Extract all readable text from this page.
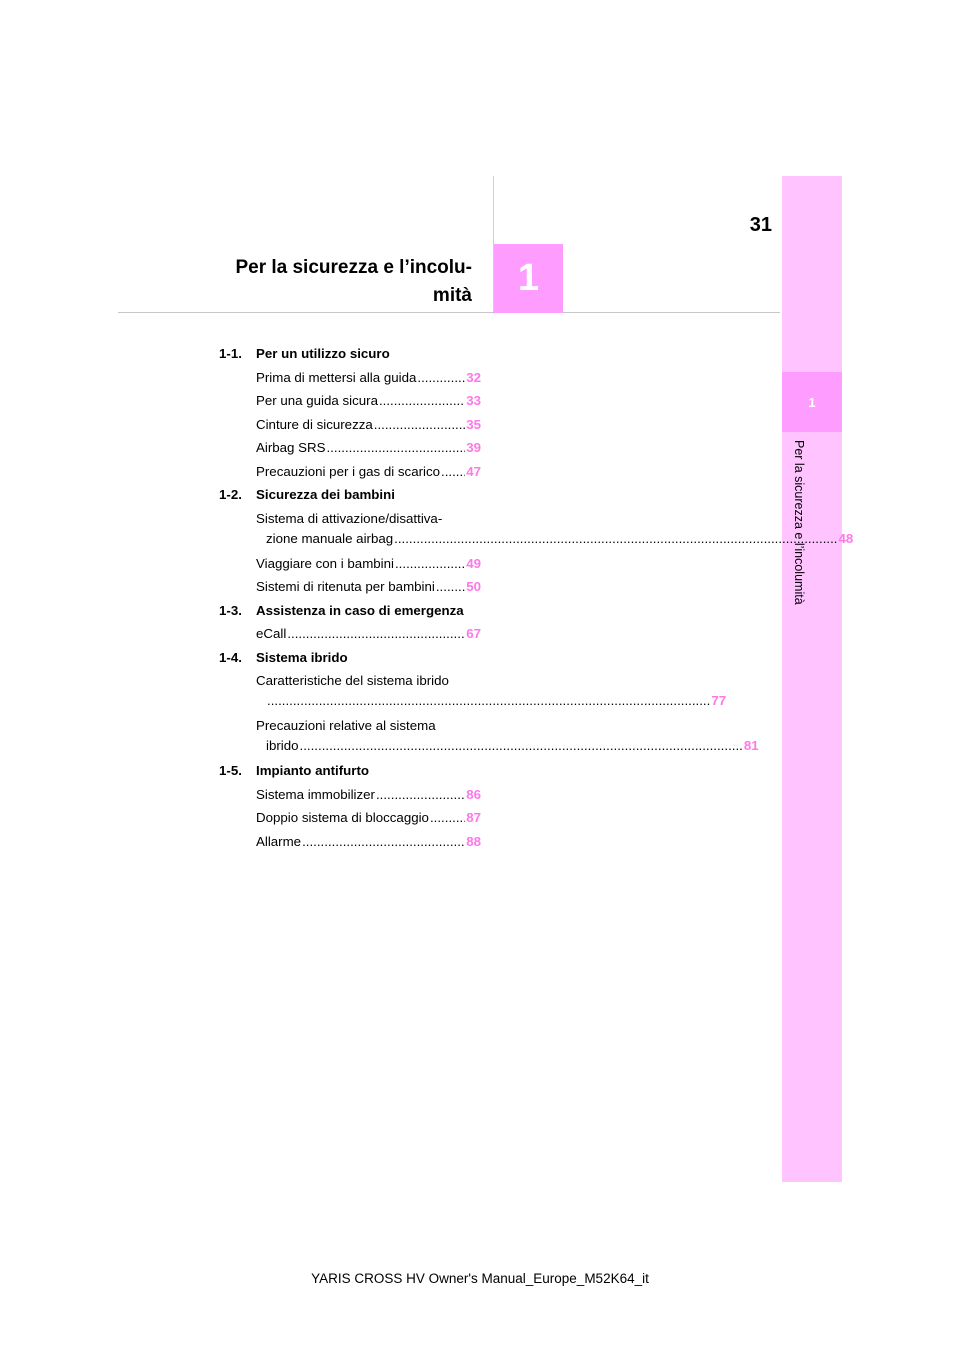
31
Per la sicurezza e l’incolu-
mità	1
1
Per la sicurezza e l’incolumità
1-1.	Per un utilizzo sicuro
Prima di mettersi alla guida .....	32
Per una guida sicura .....	33
Cinture di sicurezza .....	35
Airbag SRS .....	39
Precauzioni per i gas di scarico ..... 47
1-2.	Sicurezza dei bambini
Sistema di attivazione/disattiva-
zione manuale airbag .....	48
Viaggiare con i bambini .....	49
Sistemi di ritenuta per bambini ..... 50
1-3.	Assistenza in caso di emergenza
eCall .....	67
1-4.	Sistema ibrido
Caratteristiche del sistema ibrido
.....77
Precauzioni relative al sistema
ibrido .....	81
1-5.	Impianto antifurto
Sistema immobilizer .....	86
Doppio sistema di bloccaggio .....	87
Allarme .....	88
YARIS CROSS HV Owner's Manual_Europe_M52K64_it
